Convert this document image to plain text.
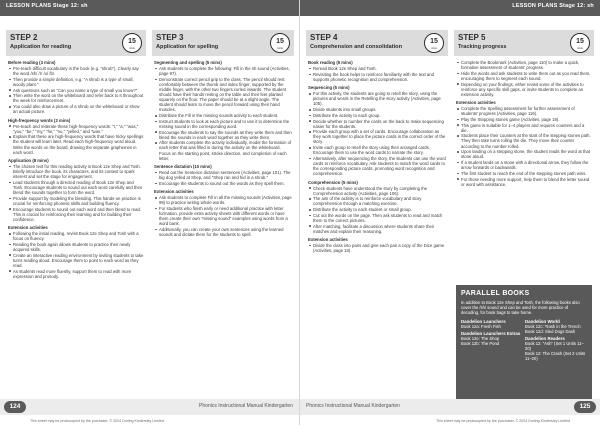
LESSON PLANS Stage 12: sh
STEP 2
Application for reading
15
mins
Before reading (3 mins)
Pre-teach difficult vocabulary in the book (e.g. "shrub"). Clearly say the word /sh/ /r/ /u/ /b/.
Then provide a simple definition, e.g. "A shrub is a type of small, woody plant."
Ask questions such as "Can you name a type of small you know?"
Then write the word on the whiteboard and refer back to it throughout the week for reinforcement.
You could also draw a picture of a shrub on the whiteboard or show an actual picture.
High-frequency words (2 mins)
Pre-teach and reiterate these high-frequency words: "I," "a," "was," "you," "be," "my," "he," "no," "yelled," and "was."
Explain that these are high-frequency words that have tricky spellings the student will learn later. Read each high-frequency word aloud. Write the words on the board, drawing the separate graphemes in each word.
Application (8 mins)
The chosen text for this reading activity is Book 12e Shep and Tosh. Briefly introduce the book, its characters, and its context to spark interest and set the stage for engagement.
Lead students through a directed reading of Book 12e Shep and Tosh. Encourage students to sound out each word carefully and then blend the sounds together to form the word.
Provide support by modeling the blending. This hands-on practice is crucial for reinforcing phonetic skills and building fluency.
Encourage students to sound out each word and then blend to read. This is crucial for reinforcing their learning and for building their confidence.
Extension activities
Following the initial reading, revisit Book 12e Shep and Tosh with a focus on fluency.
Reading the book again allows students to practice their newly acquired skills.
Create an interactive reading environment by inviting students to take turns reading aloud. Encourage them to point to each word as they read.
As students read more fluently, support them to read with more expression and prosody.
STEP 3
Application for spelling
15
mins
Segmenting and spelling (5 mins)
Ask students to complete the following: Fill in the sh sound (Activities, page 97).
Demonstrate correct pencil grip to the class. The pencil should rest comfortably between the thumb and index finger, supported by the middle finger, with the other two fingers curled inwards. The student should have their hands resting on the table and their feet planted squarely on the floor. The paper should be at a slight angle. The student should learn to move the pencil forward using their hand muscles.
Distribute the Fill in the missing sounds activity to each student.
Instruct students to look at each picture and to use it to determine the missing sound in the corresponding word.
Encourage the students to say the sounds as they write them and then blend the sounds in each word together as they write them.
After students complete the activity individually, model the formation of each letter that was filled in during the activity on the whiteboard. Focus on the starting point, stroke direction, and completion of each letter.
Sentence dictation (10 mins)
Read out the Sentence dictation sentences (Activities, page 101). The big dog yelled at Shep, and "Shep ran and hid in a shrub."
Encourage the students to sound out the words as they spell them.
Extension activities
Ask students to complete Fill in all the missing sounds (Activities, page 99) to practice writing whole words.
For students who finish early or need additional practice with letter formation, provide extra activity sheets with different words or have them create their own "missing sound" examples using words from a word bank.
Additionally, you can create your own sentences using the learned sounds and dictate them for the students to spell.
124	Phonics Instructional Manual Kindergarten
This sheet may be photocopied by the purchaser. © 2024 Dorling Kindersley Limited
LESSON PLANS Stage 12: sh
STEP 4
Comprehension and consolidation
15
mins
Book reading (5 mins)
Reread Book 12e Shep and Tosh.
Revisiting the book helps to reinforce familiarity with the text and supports phonetic recognition and comprehension.
Sequencing (5 mins)
For this activity, the students are going to retell the story, using the pictures and words in the Retelling the story activity (Activities, page 105).
Divide students into small groups.
Distribute the activity to each group.
Decide whether to number the cards on the back to make sequencing easier for the students.
Provide each group with a set of cards. Encourage collaboration as they work together to place the picture cards in the correct order of the story.
Invite each group to retell the story using their arranged cards. Encourage them to use the word cards to narrate the story.
Alternatively, after sequencing the story, the students can use the word cards to reinforce vocabulary. Ask students to match the word cards to the corresponding picture cards, promoting word recognition and comprehension.
Comprehension (5 mins)
Check students have understood the story by completing the Comprehension activity (Activities, page 106).
The aim of the activity is to reinforce vocabulary and story comprehension through a matching exercise.
Distribute the activity to each student or small group.
Cut out the words on the page. Then ask students to read and match them to the correct pictures.
After matching, facilitate a discussion where students share their matches and explain their reasoning.
Extension activities
Divide the class into pairs and give each pair a copy of the Dice game (Activities, page 18).
STEP 5
Tracking progress
15
mins
Complete the Bookmark (Activities, page 110) to make a quick, formative assessment of students' progress.
Hide the words and ask students to write them out as you read them, encouraging them to segment each sound.
Depending on your findings, either revisit some of the activities to reinforce any specific skill gaps, or invite students to complete an extension activity.
Extension activities
Complete the Spelling assessment for further assessment of students' progress (Activities, page 116).
Play the Stepping stones game (Activities, page 19).
This game is suitable for 1–4 players and requires counters and a die.
Students place their counters at the start of the stepping stones path. They then take turns rolling the die. They move their counter according to the number rolled.
Upon landing on a stepping stone, the student reads the word at that stone aloud.
If a student lands on a stone with a directional arrow, they follow the arrow forwards or backwards.
The first student to reach the end of the stepping stones path wins.
For those needing more support, help them to blend the letter sound or word with assistance.
PARALLEL BOOKS
In addition to Book 12e Shep and Tosh, the following books also cover the /sh/ sound and can be used for more practice of decoding, for book bags to take home.
Dandelion Launchers
Book 12a: Fresh Fish
Dandelion Launchers Extras
Book 12e: The Shop
Book 12b: The Pond
Dandelion World
Book 12c: Trash in the Trench
Book 12d: Sled Dogs Dash
Dandelion Readers
Book 12: "Ash" (Set 1 Units 11–20)
Book 12: The Crash (Set 2 Units 11–20)
Phonics Instructional Manual Kindergarten	125
This sheet may be photocopied by the purchaser. © 2024 Dorling Kindersley Limited
